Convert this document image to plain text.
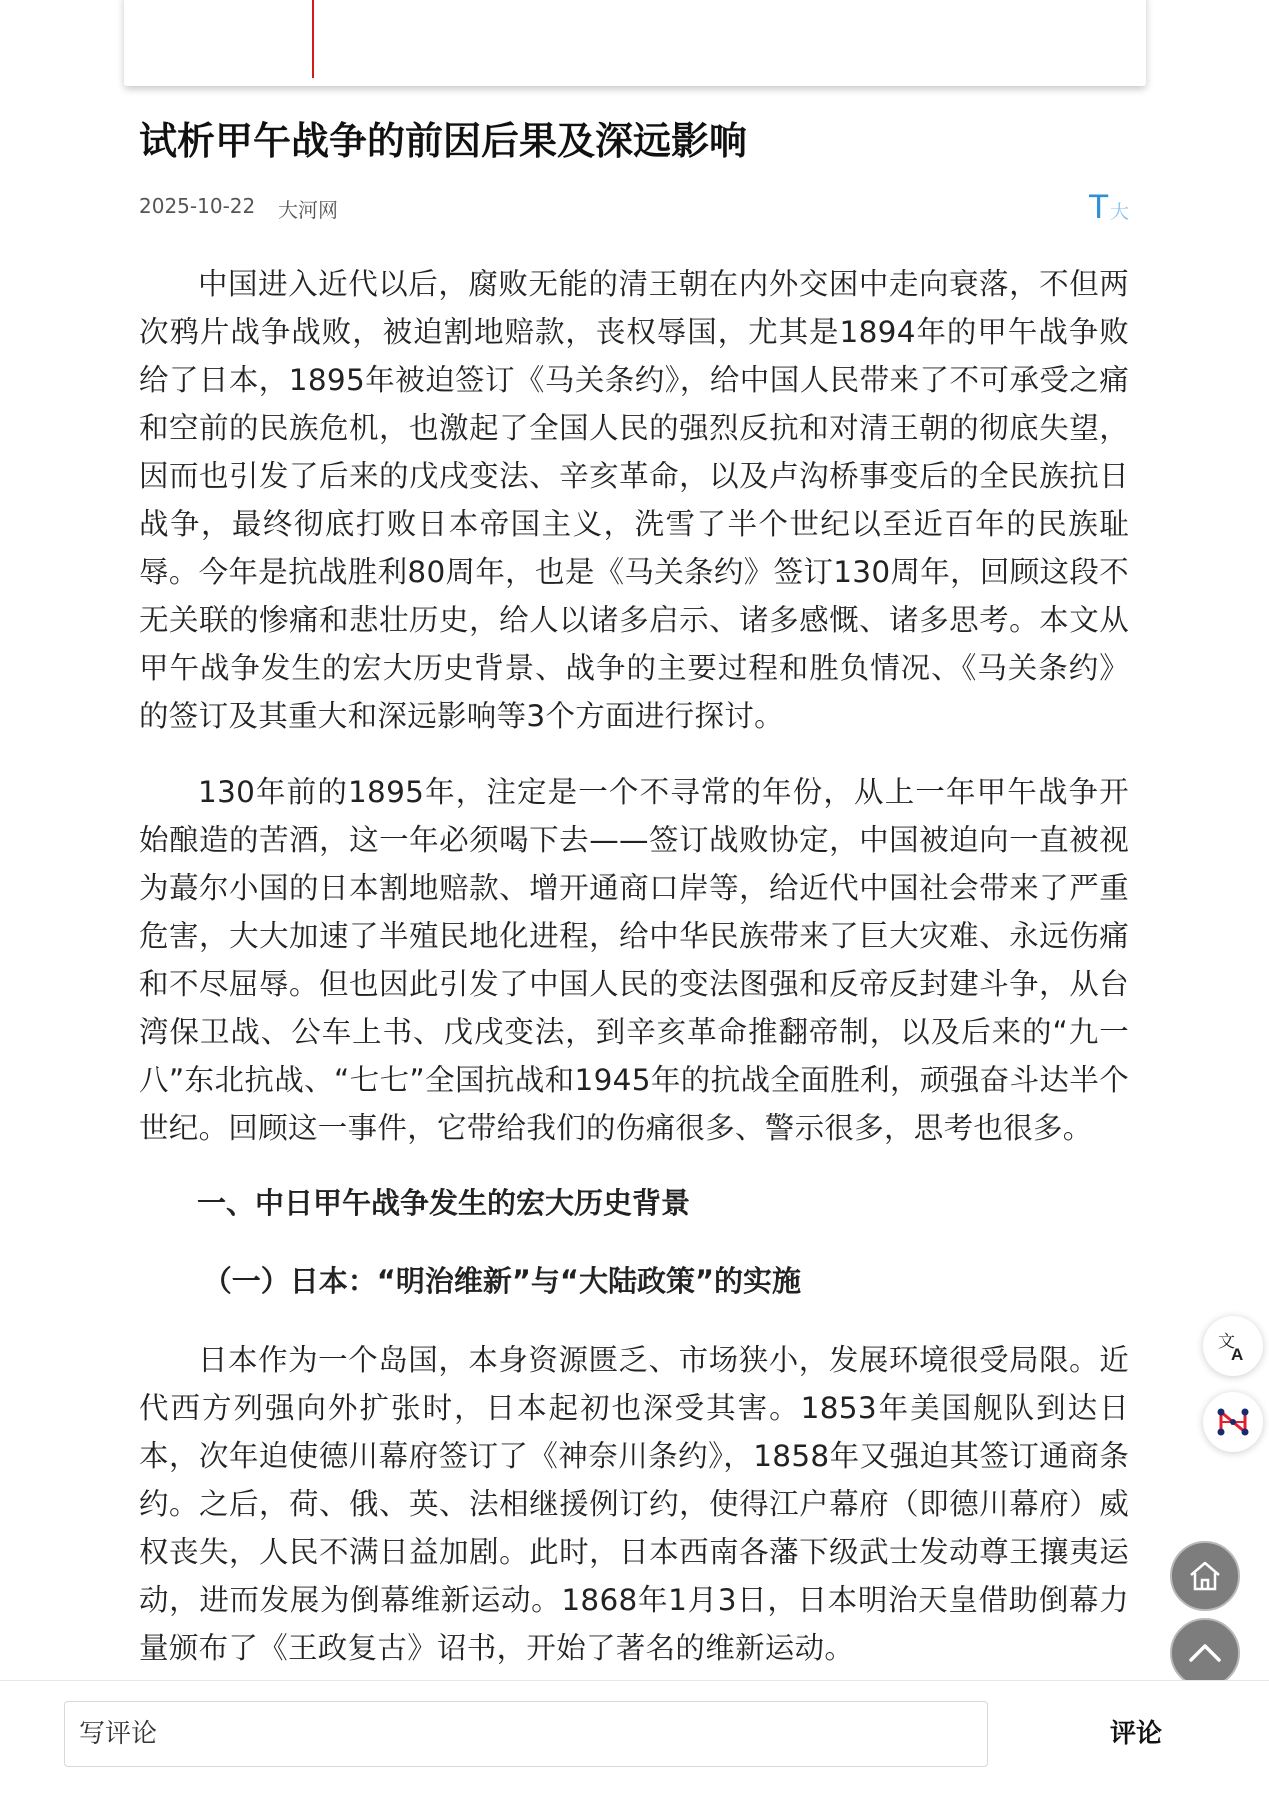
试析甲午战争的前因后果及深远影响
2025-10-22 大河网	T大

中国进入近代以后，腐败无能的清王朝在内外交困中走向衰落，不但两次鸦片战争战败，被迫割地赔款，丧权辱国，尤其是1894年的甲午战争败给了日本，1895年被迫签订《马关条约》，给中国人民带来了不可承受之痛和空前的民族危机，也激起了全国人民的强烈反抗和对清王朝的彻底失望，因而也引发了后来的戊戌变法、辛亥革命，以及卢沟桥事变后的全民族抗日战争，最终彻底打败日本帝国主义，洗雪了半个世纪以至近百年的民族耻辱。今年是抗战胜利80周年，也是《马关条约》签订130周年，回顾这段不无关联的惨痛和悲壮历史，给人以诸多启示、诸多感慨、诸多思考。本文从甲午战争发生的宏大历史背景、战争的主要过程和胜负情况、《马关条约》的签订及其重大和深远影响等3个方面进行探讨。

130年前的1895年，注定是一个不寻常的年份，从上一年甲午战争开始酿造的苦酒，这一年必须喝下去——签订战败协定，中国被迫向一直被视为蕞尔小国的日本割地赔款、增开通商口岸等，给近代中国社会带来了严重危害，大大加速了半殖民地化进程，给中华民族带来了巨大灾难、永远伤痛和不尽屈辱。但也因此引发了中国人民的变法图强和反帝反封建斗争，从台湾保卫战、公车上书、戊戌变法，到辛亥革命推翻帝制，以及后来的“九一八”东北抗战、“七七”全国抗战和1945年的抗战全面胜利，顽强奋斗达半个世纪。回顾这一事件，它带给我们的伤痛很多、警示很多，思考也很多。

一、中日甲午战争发生的宏大历史背景
（一）日本：“明治维新”与“大陆政策”的实施

日本作为一个岛国，本身资源匮乏、市场狭小，发展环境很受局限。近代西方列强向外扩张时，日本起初也深受其害。1853年美国舰队到达日本，次年迫使德川幕府签订了《神奈川条约》，1858年又强迫其签订通商条约。之后，荷、俄、英、法相继援例订约，使得江户幕府（即德川幕府）威权丧失，人民不满日益加剧。此时，日本西南各藩下级武士发动尊王攘夷运动，进而发展为倒幕维新运动。1868年1月3日，日本明治天皇借助倒幕力量颁布了《王政复古》诏书，开始了著名的维新运动。

文
A
写评论
评论
